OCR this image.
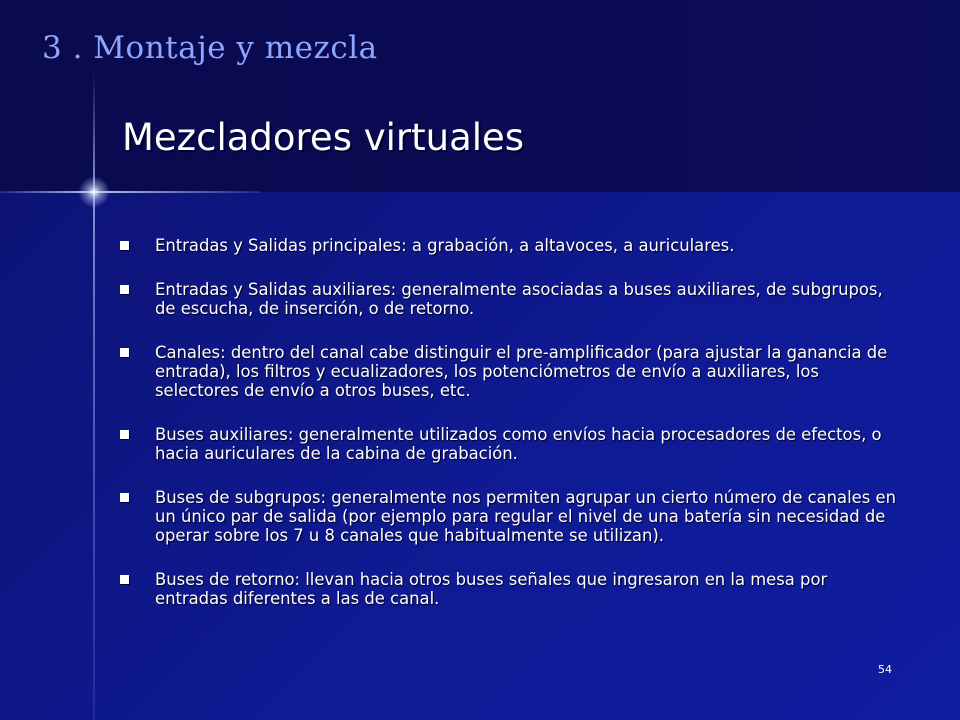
3 . Montaje y mezcla
Mezcladores virtuales
Entradas y Salidas principales: a grabación, a altavoces, a auriculares.
Entradas y Salidas auxiliares: generalmente asociadas a buses auxiliares, de subgrupos, de escucha, de inserción, o de retorno.
Canales: dentro del canal cabe distinguir el pre-amplificador (para ajustar la ganancia de entrada), los filtros y ecualizadores, los potenciómetros de envío a auxiliares, los selectores de envío a otros buses, etc.
Buses auxiliares: generalmente utilizados como envíos hacia procesadores de efectos, o hacia auriculares de la cabina de grabación.
Buses de subgrupos: generalmente nos permiten agrupar un cierto número de canales en un único par de salida (por ejemplo para regular el nivel de una batería sin necesidad de operar sobre los 7 u 8 canales que habitualmente se utilizan).
Buses de retorno: llevan hacia otros buses señales que ingresaron en la mesa por entradas diferentes a las de canal.
54
